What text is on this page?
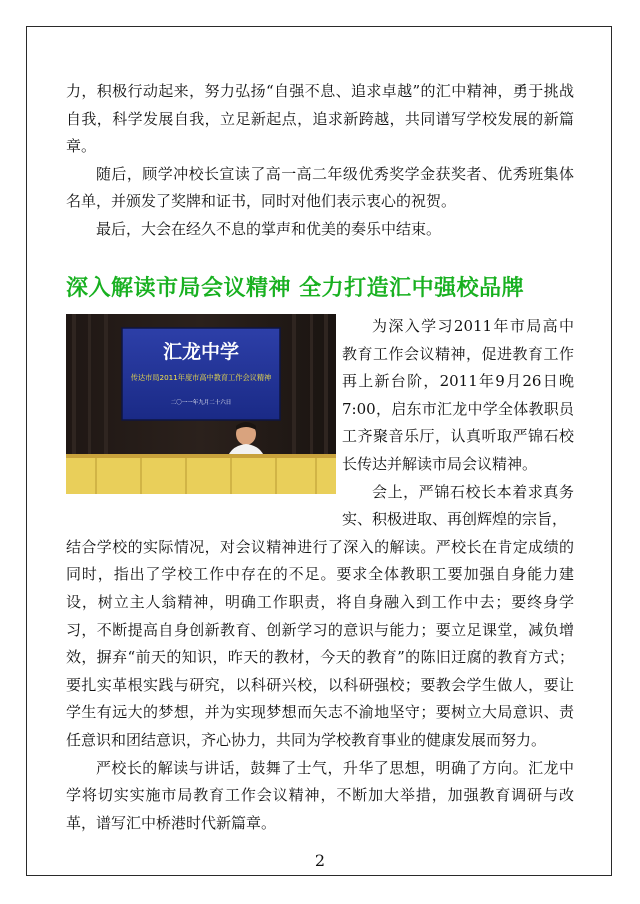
力，积极行动起来，努力弘扬“自强不息、追求卓越”的汇中精神，勇于挑战自我，科学发展自我，立足新起点，追求新跨越，共同谱写学校发展的新篇章。

随后，顾学冲校长宣读了高一高二年级优秀奖学金获奖者、优秀班集体名单，并颁发了奖牌和证书，同时对他们表示衷心的祝贺。

最后，大会在经久不息的掌声和优美的奏乐中结束。

深入解读市局会议精神 全力打造汇中强校品牌
汇龙中学
传达市局2011年度市高中教育工作会议精神
二〇一一年九月二十六日

为深入学习2011年市局高中教育工作会议精神，促进教育工作再上新台阶，2011年9月26日晚7:00，启东市汇龙中学全体教职员工齐聚音乐厅，认真听取严锦石校长传达并解读市局会议精神。

会上，严锦石校长本着求真务实、积极进取、再创辉煌的宗旨，

结合学校的实际情况，对会议精神进行了深入的解读。严校长在肯定成绩的同时，指出了学校工作中存在的不足。要求全体教职工要加强自身能力建设，树立主人翁精神，明确工作职责，将自身融入到工作中去；要终身学习，不断提高自身创新教育、创新学习的意识与能力；要立足课堂，减负增效，摒弃“前天的知识，昨天的教材，今天的教育”的陈旧迂腐的教育方式；要扎实革根实践与研究，以科研兴校，以科研强校；要教会学生做人，要让学生有远大的梦想，并为实现梦想而矢志不渝地坚守；要树立大局意识、责任意识和团结意识，齐心协力，共同为学校教育事业的健康发展而努力。

严校长的解读与讲话，鼓舞了士气，升华了思想，明确了方向。汇龙中学将切实实施市局教育工作会议精神，不断加大举措，加强教育调研与改革，谱写汇中桥港时代新篇章。

2
